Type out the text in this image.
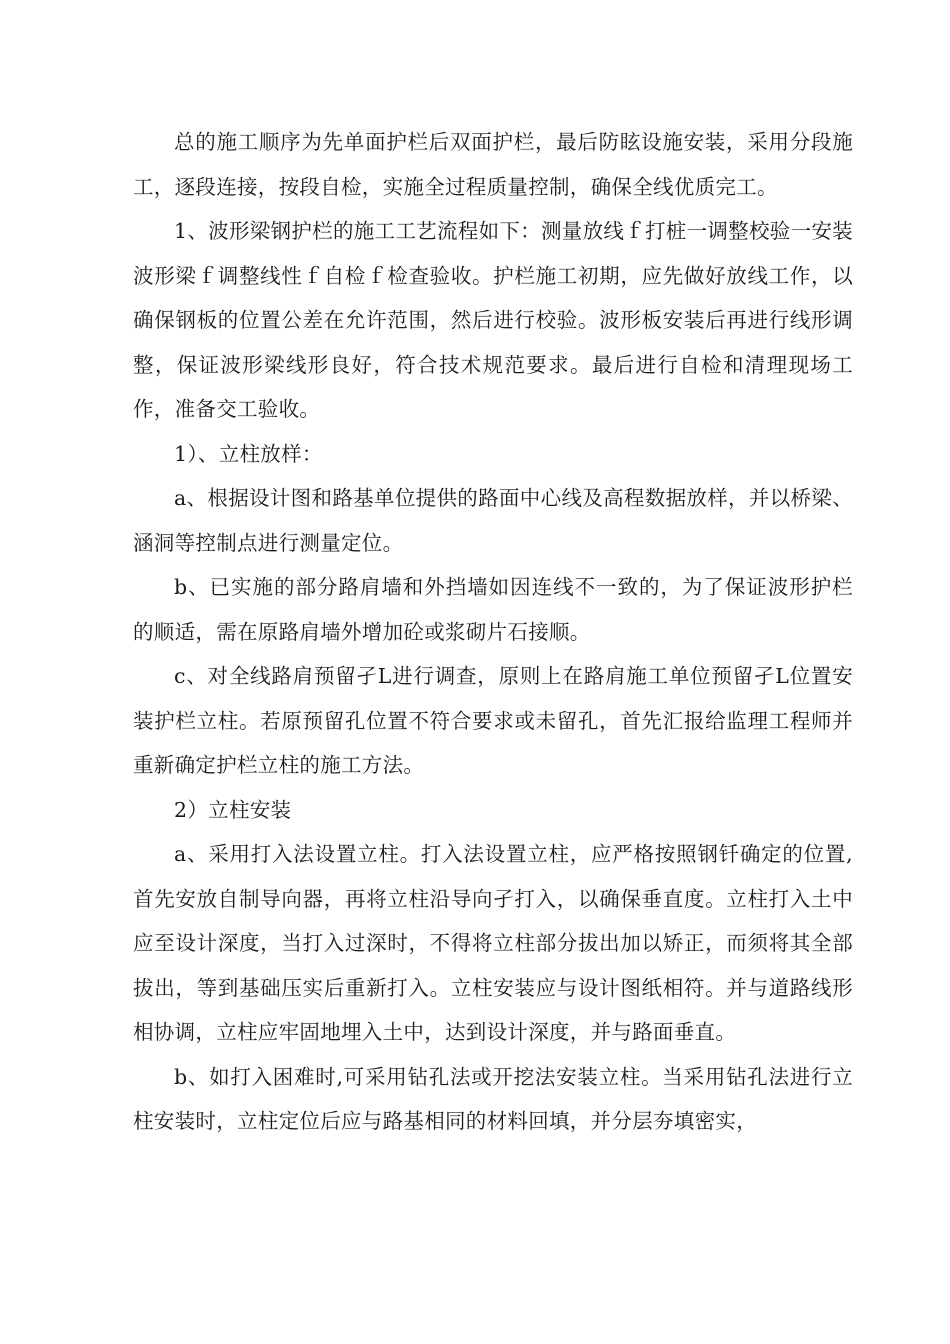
总的施工顺序为先单面护栏后双面护栏，最后防眩设施安装，采用分段施工，逐段连接，按段自检，实施全过程质量控制，确保全线优质完工。

1、波形梁钢护栏的施工工艺流程如下：测量放线ｆ打桩一调整校验一安装波形梁ｆ调整线性ｆ自检ｆ检查验收。护栏施工初期，应先做好放线工作，以确保钢板的位置公差在允许范围，然后进行校验。波形板安装后再进行线形调整，保证波形梁线形良好，符合技术规范要求。最后进行自检和清理现场工作，准备交工验收。

1）、立柱放样：

a、根据设计图和路基单位提供的路面中心线及高程数据放样，并以桥梁、涵洞等控制点进行测量定位。

b、已实施的部分路肩墙和外挡墙如因连线不一致的，为了保证波形护栏的顺适，需在原路肩墙外增加砼或浆砌片石接顺。

c、对全线路肩预留孑L进行调查，原则上在路肩施工单位预留孑L位置安装护栏立柱。若原预留孔位置不符合要求或未留孔，首先汇报给监理工程师并重新确定护栏立柱的施工方法。

2）立柱安装

a、采用打入法设置立柱。打入法设置立柱，应严格按照钢钎确定的位置,首先安放自制导向器，再将立柱沿导向孑打入，以确保垂直度。立柱打入土中应至设计深度，当打入过深时，不得将立柱部分拔出加以矫正，而须将其全部拔出，等到基础压实后重新打入。立柱安装应与设计图纸相符。并与道路线形相协调，立柱应牢固地埋入土中，达到设计深度，并与路面垂直。

b、如打入困难时,可采用钻孔法或开挖法安装立柱。当采用钻孔法进行立柱安装时，立柱定位后应与路基相同的材料回填，并分层夯填密实，
